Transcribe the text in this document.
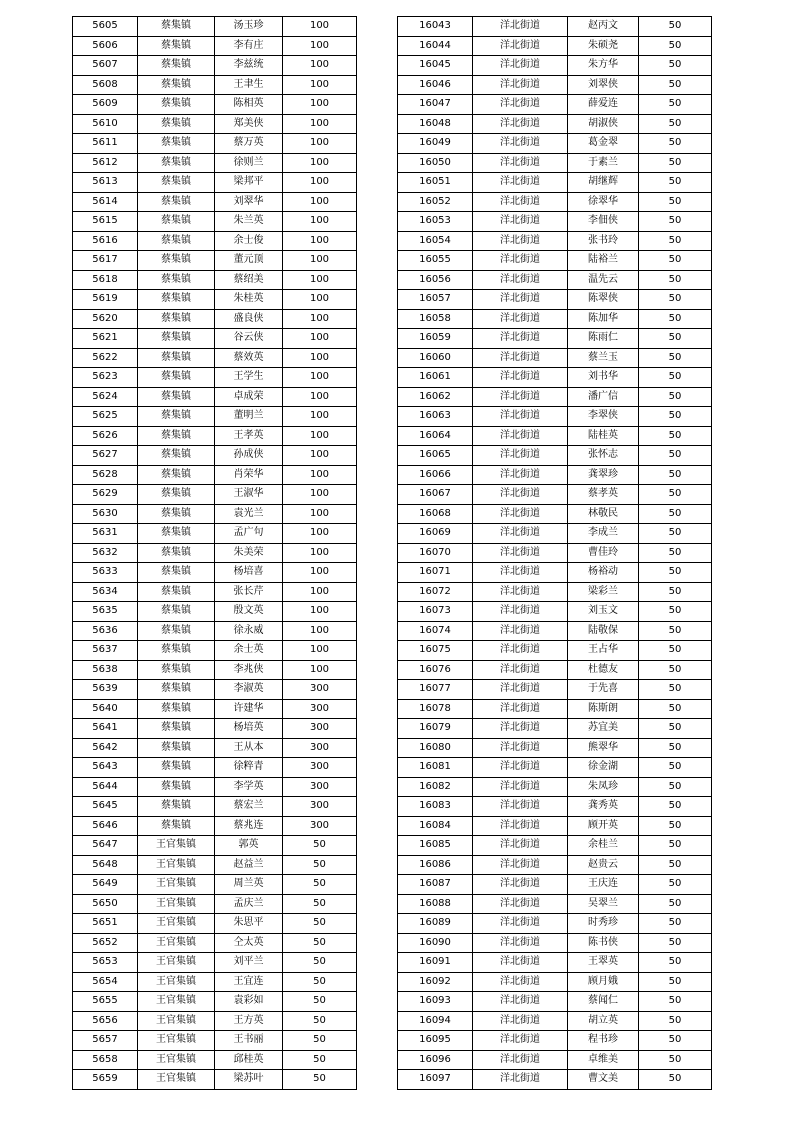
5605	蔡集镇	汤玉珍	100
5606	蔡集镇	李有庄	100
5607	蔡集镇	李兹统	100
5608	蔡集镇	王聿生	100
5609	蔡集镇	陈相英	100
5610	蔡集镇	郑美侠	100
5611	蔡集镇	蔡万英	100
5612	蔡集镇	徐则兰	100
5613	蔡集镇	梁邦平	100
5614	蔡集镇	刘翠华	100
5615	蔡集镇	朱兰英	100
5616	蔡集镇	余士俊	100
5617	蔡集镇	董元顶	100
5618	蔡集镇	蔡绍美	100
5619	蔡集镇	朱桂英	100
5620	蔡集镇	盛良侠	100
5621	蔡集镇	谷云侠	100
5622	蔡集镇	蔡效英	100
5623	蔡集镇	王学生	100
5624	蔡集镇	卓成荣	100
5625	蔡集镇	董明兰	100
5626	蔡集镇	王孝英	100
5627	蔡集镇	孙成侠	100
5628	蔡集镇	肖荣华	100
5629	蔡集镇	王淑华	100
5630	蔡集镇	袁光兰	100
5631	蔡集镇	孟广句	100
5632	蔡集镇	朱美荣	100
5633	蔡集镇	杨培喜	100
5634	蔡集镇	张长芹	100
5635	蔡集镇	殷文英	100
5636	蔡集镇	徐永威	100
5637	蔡集镇	余士英	100
5638	蔡集镇	李兆侠	100
5639	蔡集镇	李淑英	300
5640	蔡集镇	许建华	300
5641	蔡集镇	杨培英	300
5642	蔡集镇	王从本	300
5643	蔡集镇	徐粹青	300
5644	蔡集镇	李学英	300
5645	蔡集镇	蔡宏兰	300
5646	蔡集镇	蔡兆连	300
5647	王官集镇	郭英	50
5648	王官集镇	赵益兰	50
5649	王官集镇	周兰英	50
5650	王官集镇	孟庆兰	50
5651	王官集镇	朱思平	50
5652	王官集镇	仝太英	50
5653	王官集镇	刘平兰	50
5654	王官集镇	王宜连	50
5655	王官集镇	袁彩如	50
5656	王官集镇	王方英	50
5657	王官集镇	王书丽	50
5658	王官集镇	邱桂英	50
5659	王官集镇	梁苏叶	50
16043	洋北街道	赵丙文	50
16044	洋北街道	朱硕尧	50
16045	洋北街道	朱方华	50
16046	洋北街道	刘翠侠	50
16047	洋北街道	薛爱连	50
16048	洋北街道	胡淑侠	50
16049	洋北街道	葛金翠	50
16050	洋北街道	于素兰	50
16051	洋北街道	胡继辉	50
16052	洋北街道	徐翠华	50
16053	洋北街道	李佃侠	50
16054	洋北街道	张书玲	50
16055	洋北街道	陆裕兰	50
16056	洋北街道	温先云	50
16057	洋北街道	陈翠侠	50
16058	洋北街道	陈加华	50
16059	洋北街道	陈雨仁	50
16060	洋北街道	蔡兰玉	50
16061	洋北街道	刘书华	50
16062	洋北街道	潘广信	50
16063	洋北街道	李翠侠	50
16064	洋北街道	陆桂英	50
16065	洋北街道	张怀志	50
16066	洋北街道	龚翠珍	50
16067	洋北街道	蔡孝英	50
16068	洋北街道	林敬民	50
16069	洋北街道	李成兰	50
16070	洋北街道	曹佳玲	50
16071	洋北街道	杨裕动	50
16072	洋北街道	梁彩兰	50
16073	洋北街道	刘玉文	50
16074	洋北街道	陆敬保	50
16075	洋北街道	王占华	50
16076	洋北街道	杜德友	50
16077	洋北街道	于先喜	50
16078	洋北街道	陈斯朗	50
16079	洋北街道	苏宜美	50
16080	洋北街道	熊翠华	50
16081	洋北街道	徐金湖	50
16082	洋北街道	朱凤珍	50
16083	洋北街道	龚秀英	50
16084	洋北街道	顾开英	50
16085	洋北街道	余桂兰	50
16086	洋北街道	赵贵云	50
16087	洋北街道	王庆连	50
16088	洋北街道	吴翠兰	50
16089	洋北街道	时秀珍	50
16090	洋北街道	陈书侠	50
16091	洋北街道	王翠英	50
16092	洋北街道	顾月娥	50
16093	洋北街道	蔡闻仁	50
16094	洋北街道	胡立英	50
16095	洋北街道	程书珍	50
16096	洋北街道	卓维美	50
16097	洋北街道	曹文美	50
